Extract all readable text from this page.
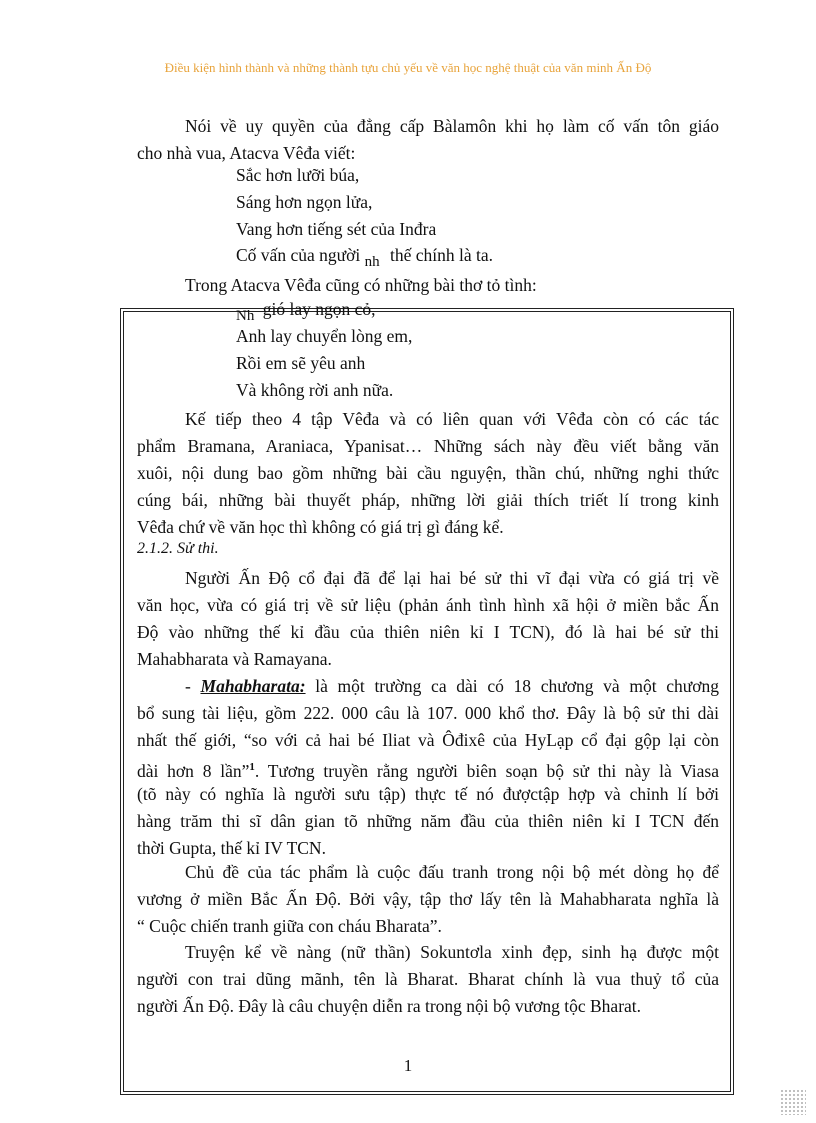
Điều kiện hình thành và những thành tựu chủ yếu về văn học nghệ thuật của văn minh Ấn Độ
Nói về uy quyền của đẳng cấp Bàlamôn khi họ làm cố vấn tôn giáo
cho nhà vua, Atacva Vêđa viết:
Sắc hơn lưỡi búa,
Sáng hơn ngọn lửa,
Vang hơn tiếng sét của Inđra
Cố vấn của người nh thế chính là ta.
Trong Atacva Vêđa cũng có những bài thơ tỏ tình:
Nh gió lay ngọn cỏ,
Anh lay chuyển lòng em,
Rồi em sẽ yêu anh
Và không rời anh nữa.
Kế tiếp theo 4 tập Vêđa và có liên quan với Vêđa còn có các tác
phẩm Bramana, Araniaca, Ypanisat… Những sách này đều viết bằng văn
xuôi, nội dung bao gồm những bài cầu nguyện, thần chú, những nghi thức
cúng bái, những bài thuyết pháp, những lời giải thích triết lí trong kinh
Vêđa chứ về văn học thì không có giá trị gì đáng kể.
2.1.2. Sử thi.
Người Ấn Độ cổ đại đã để lại hai bé sử thi vĩ đại vừa có giá trị về
văn học, vừa có giá trị về sử liệu (phản ánh tình hình xã hội ở miền bắc Ấn
Độ vào những thế kỉ đầu của thiên niên kỉ I TCN), đó là hai bé sử thi
Mahabharata và Ramayana.
- Mahabharata: là một trường ca dài có 18 chương và một chương
bổ sung tài liệu, gồm 222. 000 câu là 107. 000 khổ thơ. Đây là bộ sử thi dài
nhất thế giới, “so với cả hai bé Iliat và Ôđixê của HyLạp cổ đại gộp lại còn
dài hơn 8 lần”$^1$. Tương truyền rằng người biên soạn bộ sử thi này là Viasa
(tõ này có nghĩa là người sưu tập) thực tế nó đượctập hợp và chỉnh lí bởi
hàng trăm thi sĩ dân gian tõ những năm đầu của thiên niên kỉ I TCN đến
thời Gupta, thế kỉ IV TCN.
Chủ đề của tác phẩm là cuộc đấu tranh trong nội bộ mét dòng họ để
vương ở miền Bắc Ấn Độ. Bởi vậy, tập thơ lấy tên là Mahabharata nghĩa là
“ Cuộc chiến tranh giữa con cháu Bharata”.
Truyện kể về nàng (nữ thần) Sokuntơla xinh đẹp, sinh hạ được một
người con trai dũng mãnh, tên là Bharat. Bharat chính là vua thuỷ tổ của
người Ấn Độ. Đây là câu chuyện diễn ra trong nội bộ vương tộc Bharat.
1
